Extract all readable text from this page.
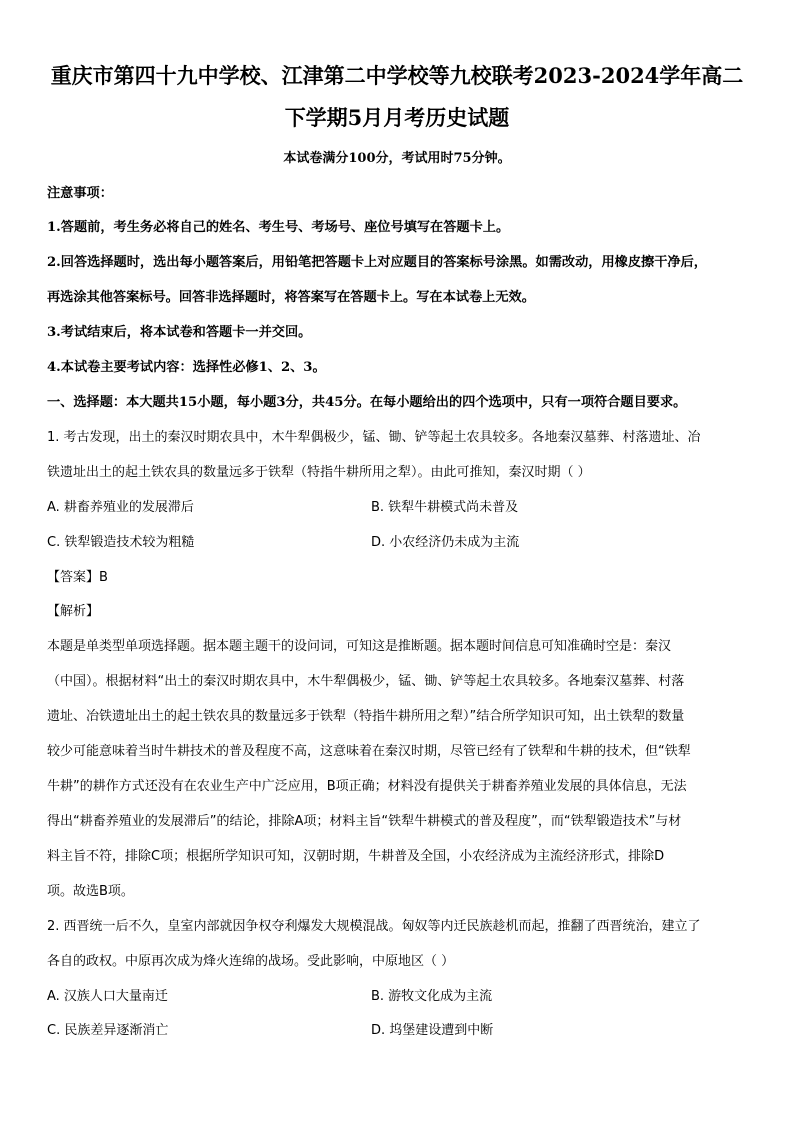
重庆市第四十九中学校、江津第二中学校等九校联考2023-2024学年高二
下学期5月月考历史试题
本试卷满分100分，考试用时75分钟。
注意事项：
1.答题前，考生务必将自己的姓名、考生号、考场号、座位号填写在答题卡上。
2.回答选择题时，选出每小题答案后，用铅笔把答题卡上对应题目的答案标号涂黑。如需改动，用橡皮擦干净后，
再选涂其他答案标号。回答非选择题时，将答案写在答题卡上。写在本试卷上无效。
3.考试结束后，将本试卷和答题卡一并交回。
4.本试卷主要考试内容：选择性必修1、2、3。
一、选择题：本大题共15小题，每小题3分，共45分。在每小题给出的四个选项中，只有一项符合题目要求。
1. 考古发现，出土的秦汉时期农具中，木牛犁偶极少，锰、锄、铲等起土农具较多。各地秦汉墓葬、村落遗址、冶
铁遗址出土的起土铁农具的数量远多于铁犁（特指牛耕所用之犁）。由此可推知，秦汉时期（ ）
A. 耕畜养殖业的发展滞后	B. 铁犁牛耕模式尚未普及
C. 铁犁锻造技术较为粗糙	D. 小农经济仍未成为主流
【答案】B
【解析】
本题是单类型单项选择题。据本题主题干的设问词，可知这是推断题。据本题时间信息可知准确时空是：秦汉
（中国）。根据材料“出土的秦汉时期农具中，木牛犁偶极少，锰、锄、铲等起土农具较多。各地秦汉墓葬、村落
遗址、冶铁遗址出土的起土铁农具的数量远多于铁犁（特指牛耕所用之犁）”结合所学知识可知，出土铁犁的数量
较少可能意味着当时牛耕技术的普及程度不高，这意味着在秦汉时期，尽管已经有了铁犁和牛耕的技术，但“铁犁
牛耕”的耕作方式还没有在农业生产中广泛应用，B项正确；材料没有提供关于耕畜养殖业发展的具体信息，无法
得出“耕畜养殖业的发展滞后”的结论，排除A项；材料主旨“铁犁牛耕模式的普及程度”，而“铁犁锻造技术”与材
料主旨不符，排除C项；根据所学知识可知，汉朝时期，牛耕普及全国，小农经济成为主流经济形式，排除D
项。故选B项。
2. 西晋统一后不久，皇室内部就因争权夺利爆发大规模混战。匈奴等内迁民族趁机而起，推翻了西晋统治，建立了
各自的政权。中原再次成为烽火连绵的战场。受此影响，中原地区（ ）
A. 汉族人口大量南迁	B. 游牧文化成为主流
C. 民族差异逐渐消亡	D. 坞堡建设遭到中断
